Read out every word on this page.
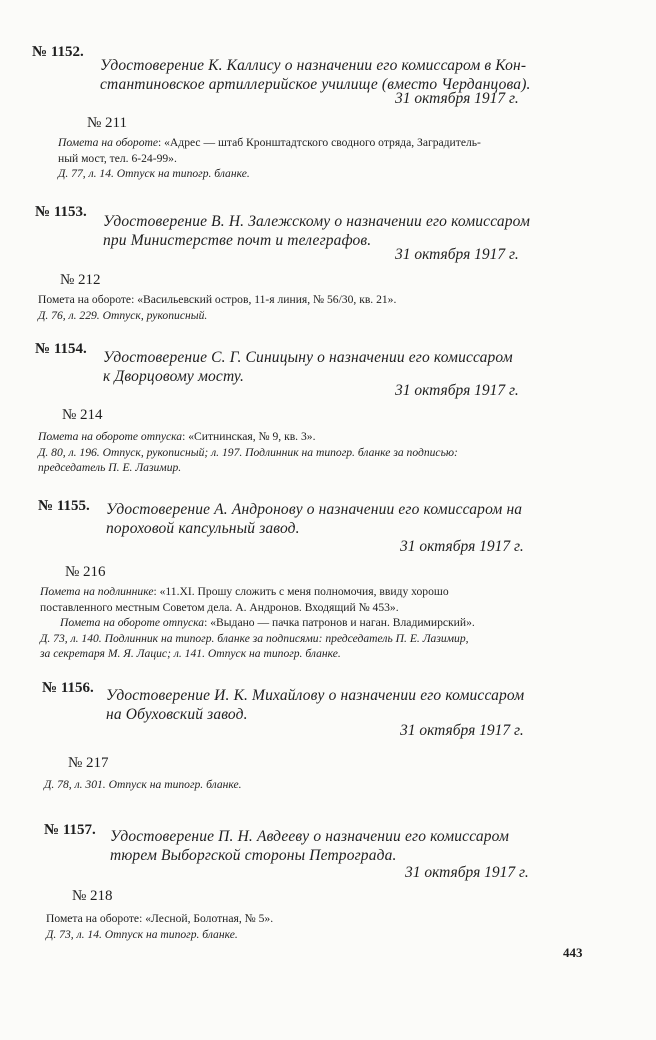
№ 1152.
Удостоверение К. Каллису о назначении его комиссаром в Кон-
стантиновское артиллерийское училище (вместо Черданцова).
31 октября 1917 г.
№ 211
Помета на обороте: «Адрес — штаб Кронштадтского сводного отряда, Заградитель-
ный мост, тел. 6-24-99».
Д. 77, л. 14. Отпуск на типогр. бланке.
№ 1153.
Удостоверение В. Н. Залежскому о назначении его комиссаром
при Министерстве почт и телеграфов.
31 октября 1917 г.
№ 212
Помета на обороте: «Васильевский остров, 11-я линия, № 56/30, кв. 21».
Д. 76, л. 229. Отпуск, рукописный.
№ 1154. Удостоверение С. Г. Синицыну о назначении его комиссаром
к Дворцовому мосту.
31 октября 1917 г.
№ 214
Помета на обороте отпуска: «Ситнинская, № 9, кв. 3».
Д. 80, л. 196. Отпуск, рукописный; л. 197. Подлинник на типогр. бланке за подписью:
председатель П. Е. Лазимир.
№ 1155. Удостоверение А. Андронову о назначении его комиссаром на
пороховой капсульный завод.
31 октября 1917 г.
№ 216
Помета на подлиннике: «11.XI. Прошу сложить с меня полномочия, ввиду хорошо
поставленного местным Советом дела. А. Андронов. Входящий № 453».
Помета на обороте отпуска: «Выдано — пачка патронов и наган. Владимирский».
Д. 73, л. 140. Подлинник на типогр. бланке за подписями: председатель П. Е. Лазимир,
за секретаря М. Я. Лацис; л. 141. Отпуск на типогр. бланке.
№ 1156. Удостоверение И. К. Михайлову о назначении его комиссаром
на Обуховский завод.
31 октября 1917 г.
№ 217
Д. 78, л. 301. Отпуск на типогр. бланке.
№ 1157. Удостоверение П. Н. Авдееву о назначении его комиссаром
тюрем Выборгской стороны Петрограда.
31 октября 1917 г.
№ 218
Помета на обороте: «Лесной, Болотная, № 5».
Д. 73, л. 14. Отпуск на типогр. бланке.
443
